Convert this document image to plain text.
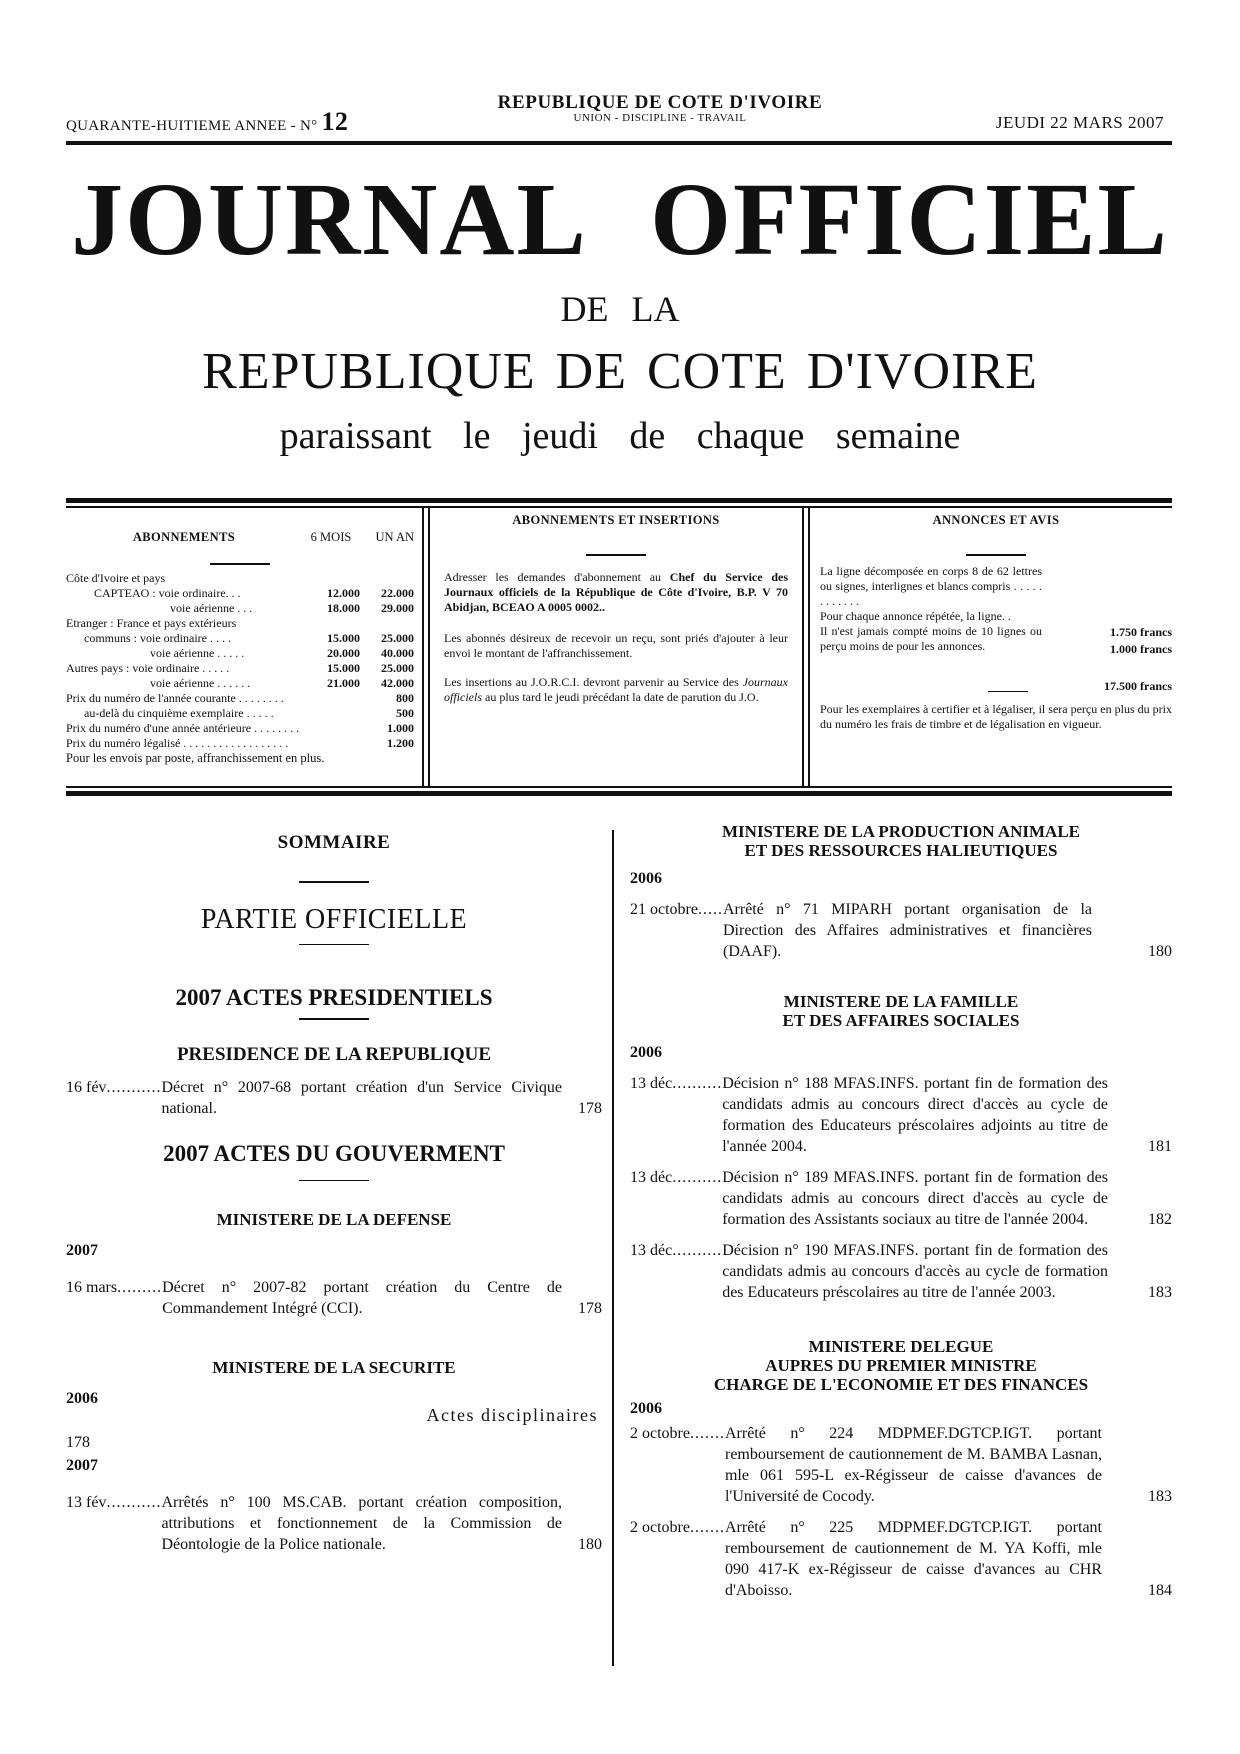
QUARANTE-HUITIEME ANNEE - N° 12
REPUBLIQUE DE COTE D'IVOIRE
UNION - DISCIPLINE - TRAVAIL	JEUDI 22 MARS 2007
JOURNAL OFFICIEL
DE LA
REPUBLIQUE DE COTE D'IVOIRE
paraissant le jeudi de chaque semaine
ABONNEMENTS	6 MOIS	UN AN
Côte d'Ivoire et pays
CAPTEAO : voie ordinaire. . .	12.000	22.000
voie aérienne . . .	18.000	29.000
Etranger : France et pays extérieurs
communs : voie ordinaire . . . .	15.000	25.000
voie aérienne . . . . .	20.000	40.000
Autres pays : voie ordinaire . . . . .	15.000	25.000
voie aérienne . . . . . .	21.000	42.000
Prix du numéro de l'année courante . . . . . . . .	800
au-delà du cinquième exemplaire . . . . .	500
Prix du numéro d'une année antérieure . . . . . . . .	1.000
Prix du numéro légalisé . . . . . . . . . . . . . . . . . .	1.200
Pour les envois par poste, affranchissement en plus.
ABONNEMENTS ET INSERTIONS
Adresser les demandes d'abonnement au Chef du Service des Journaux officiels de la République de Côte d'Ivoire, B.P. V 70 Abidjan, BCEAO A 0005 0002..
Les abonnés désireux de recevoir un reçu, sont priés d'ajouter à leur envoi le montant de l'affranchissement.
Les insertions au J.O.R.C.I. devront parvenir au Service des Journaux officiels au plus tard le jeudi précédant la date de parution du J.O.
ANNONCES ET AVIS
La ligne décomposée en corps 8 de 62 lettres ou signes, interlignes et blancs compris . . . . . . . . . . . .
Pour chaque annonce répétée, la ligne. .
Il n'est jamais compté moins de 10 lignes ou perçu moins de pour les annonces.
1.750 francs
1.000 francs
17.500 francs
Pour les exemplaires à certifier et à légaliser, il sera perçu en plus du prix du numéro les frais de timbre et de légalisation en vigueur.
SOMMAIRE
PARTIE OFFICIELLE
2007 ACTES PRESIDENTIELS
PRESIDENCE DE LA REPUBLIQUE
16 fév ........... Décret n° 2007-68 portant création d'un Service Civique national.	178
2007 ACTES DU GOUVERMENT
MINISTERE DE LA DEFENSE
2007
16 mars ......... Décret n° 2007-82 portant création du Centre de Commandement Intégré (CCI).	178
MINISTERE DE LA SECURITE
2006
Actes disciplinaires
178
2007
13 fév ........... Arrêtés n° 100 MS.CAB. portant création composition, attributions et fonctionnement de la Commission de Déontologie de la Police nationale.	180
MINISTERE DE LA PRODUCTION ANIMALE
ET DES RESSOURCES HALIEUTIQUES
2006
21 octobre ..... Arrêté n° 71 MIPARH portant organisation de la Direction des Affaires administratives et financières (DAAF).	180
MINISTERE DE LA FAMILLE
ET DES AFFAIRES SOCIALES
2006
13 déc .......... Décision n° 188 MFAS.INFS. portant fin de formation des candidats admis au concours direct d'accès au cycle de formation des Educateurs préscolaires adjoints au titre de l'année 2004.	181
13 déc .......... Décision n° 189 MFAS.INFS. portant fin de formation des candidats admis au concours direct d'accès au cycle de formation des Assistants sociaux au titre de l'année 2004.	182
13 déc .......... Décision n° 190 MFAS.INFS. portant fin de formation des candidats admis au concours d'accès au cycle de formation des Educateurs préscolaires au titre de l'année 2003.	183
MINISTERE DELEGUE
AUPRES DU PREMIER MINISTRE
CHARGE DE L'ECONOMIE ET DES FINANCES
2006
2 octobre ....... Arrêté n° 224 MDPMEF.DGTCP.IGT. portant remboursement de cautionnement de M. BAMBA Lasnan, mle 061 595-L ex-Régisseur de caisse d'avances de l'Université de Cocody.	183
2 octobre ....... Arrêté n° 225 MDPMEF.DGTCP.IGT. portant remboursement de cautionnement de M. YA Koffi, mle 090 417-K ex-Régisseur de caisse d'avances au CHR d'Aboisso.	184
